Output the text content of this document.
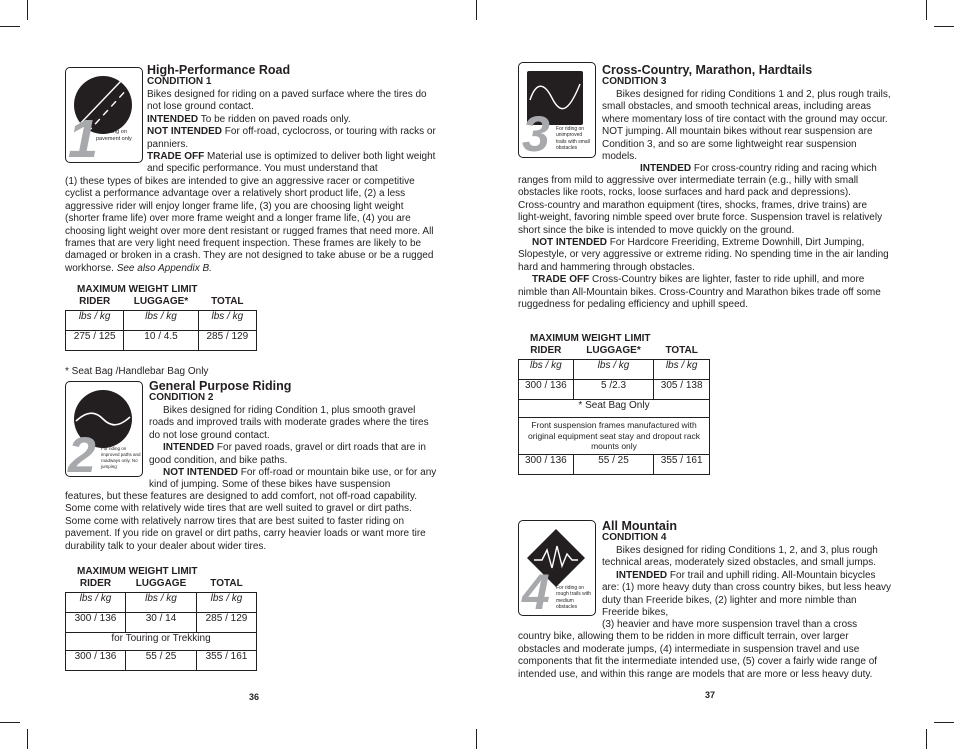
1
For riding on pavement only
High-Performance Road
CONDITION 1
Bikes designed for riding on a paved surface where the tires do not lose ground contact.
INTENDED To be ridden on paved roads only.
NOT INTENDED For off-road, cyclocross, or touring with racks or panniers.
TRADE OFF Material use is optimized to deliver both light weight and specific performance. You must understand that
(1) these types of bikes are intended to give an aggressive racer or competitive cyclist a performance advantage over a relatively short product life, (2) a less aggressive rider will enjoy longer frame life, (3) you are choosing light weight (shorter frame life) over more frame weight and a longer frame life, (4) you are choosing light weight over more dent resistant or rugged frames that need more. All frames that are very light need frequent inspection. These frames are likely to be damaged or broken in a crash. They are not designed to take abuse or be a rugged workhorse. See also Appendix B.
MAXIMUM WEIGHT LIMIT
RIDER	LUGGAGE*	TOTAL
lbs / kg	lbs / kg	lbs / kg
275 / 125	10 / 4.5	285 / 129
* Seat Bag /Handlebar Bag Only
2 For riding on improved paths and roadways only. No jumping
General Purpose Riding
CONDITION 2
Bikes designed for riding Condition 1, plus smooth gravel roads and improved trails with moderate grades where the tires do not lose ground contact.
INTENDED For paved roads, gravel or dirt roads that are in good condition, and bike paths.
NOT INTENDED For off-road or mountain bike use, or for any kind of jumping. Some of these bikes have suspension
features, but these features are designed to add comfort, not off-road capability. Some come with relatively wide tires that are well suited to gravel or dirt paths. Some come with relatively narrow tires that are best suited to faster riding on pavement. If you ride on gravel or dirt paths, carry heavier loads or want more tire durability talk to your dealer about wider tires.
MAXIMUM WEIGHT LIMIT
RIDER	LUGGAGE	TOTAL
lbs / kg	lbs / kg	lbs / kg
300 / 136	30 / 14	285 / 129
for Touring or Trekking		
300 / 136	55 / 25	355 / 161
36
3 For riding on unimproved trails with small obstacles
Cross-Country, Marathon, Hardtails
CONDITION 3
Bikes designed for riding Conditions 1 and 2, plus rough trails, small obstacles, and smooth technical areas, including areas where momentary loss of tire contact with the ground may occur. NOT jumping. All mountain bikes without rear suspension are Condition 3, and so are some lightweight rear suspension models.
INTENDED For cross-country riding and racing which
ranges from mild to aggressive over intermediate terrain (e.g., hilly with small obstacles like roots, rocks, loose surfaces and hard pack and depressions).
Cross-country and marathon equipment (tires, shocks, frames, drive trains) are light-weight, favoring nimble speed over brute force. Suspension travel is relatively short since the bike is intended to move quickly on the ground.
NOT INTENDED For Hardcore Freeriding, Extreme Downhill, Dirt Jumping, Slopestyle, or very aggressive or extreme riding. No spending time in the air landing hard and hammering through obstacles.
TRADE OFF Cross-Country bikes are lighter, faster to ride uphill, and more nimble than All-Mountain bikes. Cross-Country and Marathon bikes trade off some ruggedness for pedaling efficiency and uphill speed.
MAXIMUM WEIGHT LIMIT
RIDER	LUGGAGE*	TOTAL
lbs / kg	lbs / kg	lbs / kg
300 / 136	5 /2.3	305 / 138
* Seat Bag Only		
Front suspension frames manufactured with original equipment seat stay and dropout rack mounts only		
300 / 136	55 / 25	355 / 161
4 For riding on rough trails with medium obstacles
All Mountain
CONDITION 4
Bikes designed for riding Conditions 1, 2, and 3, plus rough technical areas, moderately sized obstacles, and small jumps.
INTENDED For trail and uphill riding. All-Mountain bicycles are: (1) more heavy duty than cross country bikes, but less heavy duty than Freeride bikes, (2) lighter and more nimble than Freeride bikes,
(3) heavier and have more suspension travel than a cross country bike, allowing them to be ridden in more difficult terrain, over larger obstacles and moderate jumps, (4) intermediate in suspension travel and use components that fit the intermediate intended use, (5) cover a fairly wide range of intended use, and within this range are models that are more or less heavy duty.
37
